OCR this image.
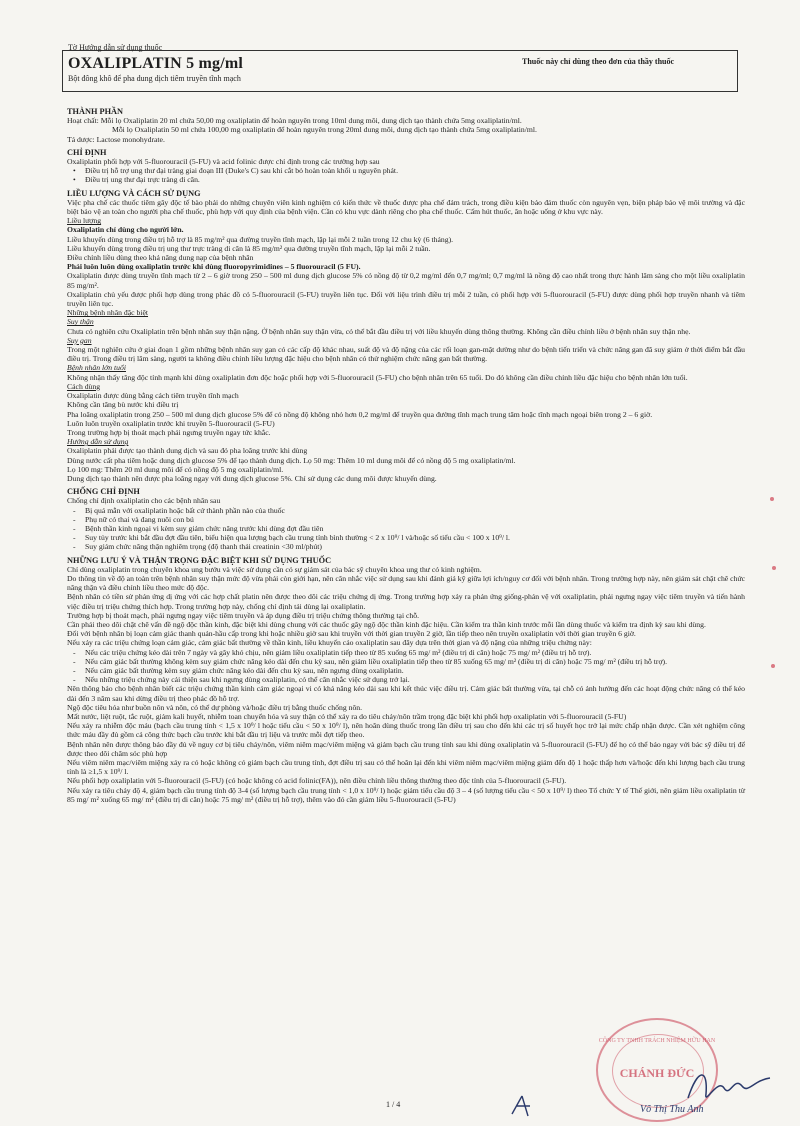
Tờ Hướng dẫn sử dụng thuốc
OXALIPLATIN 5 mg/ml
Bột đông khô để pha dung dịch tiêm truyền tĩnh mạch
Thuốc này chỉ dùng theo đơn của thầy thuốc
THÀNH PHẦN
Hoạt chất: Mỗi lọ Oxaliplatin 20 ml chứa 50,00 mg oxaliplatin để hoàn nguyên trong 10ml dung môi, dung dịch tạo thành chứa 5mg oxaliplatin/ml.
Mỗi lọ Oxaliplatin 50 ml chứa 100,00 mg oxaliplatin để hoàn nguyên trong 20ml dung môi, dung dịch tạo thành chứa 5mg oxaliplatin/ml.
Tá dược: Lactose monohydrate.
CHỈ ĐỊNH
Oxaliplatin phối hợp với 5-fluorouracil (5-FU) và acid folinic được chỉ định trong các trường hợp sau
• Điều trị hỗ trợ ung thư đại tràng giai đoạn III (Duke's C) sau khi cắt bỏ hoàn toàn khối u nguyên phát.
• Điều trị ung thư đại trực tràng di căn.
LIỀU LƯỢNG VÀ CÁCH SỬ DỤNG
Việc pha chế các thuốc tiêm gây độc tế bào phải do những chuyên viên kinh nghiệm có kiến thức về thuốc được pha chế đảm trách, trong điều kiện bảo đảm thuốc còn nguyên vẹn, biện pháp bảo vệ môi trường và đặc biệt bảo vệ an toàn cho người pha chế thuốc, phù hợp với quy định của bệnh viện. Cần có khu vực dành riêng cho pha chế thuốc. Cấm hút thuốc, ăn hoặc uống ở khu vực này.
Liều lượng
Oxaliplatin chỉ dùng cho người lớn.
Liều khuyến dùng trong điều trị hỗ trợ là 85 mg/m² qua đường truyền tĩnh mạch, lặp lại mỗi 2 tuần trong 12 chu kỳ (6 tháng).
Liều khuyến dùng trong điều trị ung thư trực tràng di căn là 85 mg/m² qua đường truyền tĩnh mạch, lặp lại mỗi 2 tuần.
Điều chỉnh liều dùng theo khả năng dung nạp của bệnh nhân
Phải luôn luôn dùng oxaliplatin trước khi dùng fluoropyrimidines – 5 fluorouracil (5 FU).
Oxaliplatin được dùng truyền tĩnh mạch từ 2 – 6 giờ trong 250 – 500 ml dung dịch glucose 5% có nồng độ từ 0,2 mg/ml đến 0,7 mg/ml; 0,7 mg/ml là nồng độ cao nhất trong thực hành lâm sàng cho một liều oxaliplatin 85 mg/m².
Oxaliplatin chủ yếu được phối hợp dùng trong phác đồ có 5-fluorouracil (5-FU) truyền liên tục. Đối với liệu trình điều trị mỗi 2 tuần, có phối hợp với 5-fluorouracil (5-FU) được dùng phối hợp truyền nhanh và tiêm truyền liên tục.
Những bệnh nhân đặc biệt
Suy thận
Chưa có nghiên cứu Oxaliplatin trên bệnh nhân suy thận nặng. Ở bệnh nhân suy thận vừa, có thể bắt đầu điều trị với liều khuyến dùng thông thường. Không cần điều chỉnh liều ở bệnh nhân suy thận nhẹ.
Suy gan
Trong một nghiên cứu ở giai đoạn 1 gồm những bệnh nhân suy gan có các cấp độ khác nhau, suất độ và độ nặng của các rối loạn gan-mật dường như do bệnh tiến triển và chức năng gan đã suy giảm ở thời điểm bắt đầu điều trị. Trong điều trị lâm sàng, người ta không điều chỉnh liều lượng đặc hiệu cho bệnh nhân có thử nghiệm chức năng gan bất thường.
Bệnh nhân lớn tuổi
Không nhận thấy tăng độc tính mạnh khi dùng oxaliplatin đơn độc hoặc phối hợp với 5-fluorouracil (5-FU) cho bệnh nhân trên 65 tuổi. Do đó không cần điều chỉnh liều đặc hiệu cho bệnh nhân lớn tuổi.
Cách dùng
Oxaliplatin được dùng bằng cách tiêm truyền tĩnh mạch
Không cần tăng bù nước khi điều trị
Pha loãng oxaliplatin trong 250 – 500 ml dung dịch glucose 5% để có nồng độ không nhỏ hơn 0,2 mg/ml để truyền qua đường tĩnh mạch trung tâm hoặc tĩnh mạch ngoại biên trong 2 – 6 giờ.
Luôn luôn truyền oxaliplatin trước khi truyền 5-fluorouracil (5-FU)
Trong trường hợp bị thoát mạch phải ngưng truyền ngay tức khắc.
Hướng dẫn sử dụng
Oxaliplatin phải được tạo thành dung dịch và sau đó pha loãng trước khi dùng
Dùng nước cất pha tiêm hoặc dung dịch glucose 5% để tạo thành dung dịch. Lọ 50 mg: Thêm 10 ml dung môi để có nồng độ 5 mg oxaliplatin/ml.
Lọ 100 mg: Thêm 20 ml dung môi để có nồng độ 5 mg oxaliplatin/ml.
Dung dịch tạo thành nên được pha loãng ngay với dung dịch glucose 5%. Chỉ sử dụng các dung môi được khuyến dùng.
CHỐNG CHỈ ĐỊNH
Chống chỉ định oxaliplatin cho các bệnh nhân sau
- Bị quá mẫn với oxaliplatin hoặc bất cứ thành phần nào của thuốc
- Phụ nữ có thai và đang nuôi con bú
- Bệnh thần kinh ngoại vi kèm suy giảm chức năng trước khi dùng đợt đầu tiên
- Suy tủy trước khi bắt đầu đợt đầu tiên, biểu hiện qua lượng bạch cầu trung tính bình thường < 2 x 10⁹/ l và/hoặc số tiểu cầu < 100 x 10⁹/ l.
- Suy giảm chức năng thận nghiêm trọng (độ thanh thải creatinin <30 ml/phút)
NHỮNG LƯU Ý VÀ THẬN TRỌNG ĐẶC BIỆT KHI SỬ DỤNG THUỐC
Chỉ dùng oxaliplatin trong chuyên khoa ung bướu và việc sử dụng cần có sự giám sát của bác sỹ chuyên khoa ung thư có kinh nghiệm.
Do thông tin về độ an toàn trên bệnh nhân suy thận mức độ vừa phải còn giới hạn, nên cân nhắc việc sử dụng sau khi đánh giá kỹ giữa lợi ích/nguy cơ đối với bệnh nhân. Trong trường hợp này, nên giám sát chặt chẽ chức năng thận và điều chỉnh liều theo mức độ độc.
Bệnh nhân có tiền sử phản ứng dị ứng với các hợp chất platin nên được theo dõi các triệu chứng dị ứng. Trong trường hợp xảy ra phản ứng giống-phản vệ với oxaliplatin, phải ngưng ngay việc tiêm truyền và tiến hành việc điều trị triệu chứng thích hợp. Trong trường hợp này, chống chỉ định tái dùng lại oxaliplatin.
Trường hợp bị thoát mạch, phải ngưng ngay việc tiêm truyền và áp dụng điều trị triệu chứng thông thường tại chỗ.
Cần phải theo dõi chặt chẽ vấn đề ngộ độc thần kinh, đặc biệt khi dùng chung với các thuốc gây ngộ độc thần kinh đặc hiệu. Cần kiểm tra thần kinh trước mỗi lần dùng thuốc và kiểm tra định kỳ sau khi dùng.
Đối với bệnh nhân bị loạn cảm giác thanh quản-hầu cấp trong khi hoặc nhiều giờ sau khi truyền với thời gian truyền 2 giờ, lần tiếp theo nên truyền oxaliplatin với thời gian truyền 6 giờ.
Nếu xảy ra các triệu chứng loạn cảm giác, cảm giác bất thường về thần kinh, liều khuyến cáo oxaliplatin sau đây dựa trên thời gian và độ nặng của những triệu chứng này:
- Nếu các triệu chứng kéo dài trên 7 ngày và gây khó chịu, nên giảm liều oxaliplatin tiếp theo từ 85 xuống 65 mg/ m² (điều trị di căn) hoặc 75 mg/ m² (điều trị hỗ trợ).
- Nếu cảm giác bất thường không kèm suy giảm chức năng kéo dài đến chu kỳ sau, nên giảm liều oxaliplatin tiếp theo từ 85 xuống 65 mg/ m² (điều trị di căn) hoặc 75 mg/ m² (điều trị hỗ trợ).
- Nếu cảm giác bất thường kèm suy giảm chức năng kéo dài đến chu kỳ sau, nên ngưng dùng oxaliplatin.
- Nếu những triệu chứng này cải thiện sau khi ngưng dùng oxaliplatin, có thể cân nhắc việc sử dụng trở lại.
Nên thông báo cho bệnh nhân biết các triệu chứng thần kinh cảm giác ngoại vi có khả năng kéo dài sau khi kết thúc việc điều trị. Cảm giác bất thường vừa, tại chỗ có ảnh hưởng đến các hoạt động chức năng có thể kéo dài đến 3 năm sau khi dừng điều trị theo phác đồ hỗ trợ.
Ngộ độc tiêu hóa như buồn nôn và nôn, có thể dự phòng và/hoặc điều trị bằng thuốc chống nôn.
Mất nước, liệt ruột, tắc ruột, giảm kali huyết, nhiễm toan chuyển hóa và suy thận có thể xảy ra do tiêu chảy/nôn trầm trọng đặc biệt khi phối hợp oxaliplatin với 5-fluorouracil (5-FU)
Nếu xảy ra nhiễm độc máu (bạch cầu trung tính < 1,5 x 10⁹/ l hoặc tiểu cầu < 50 x 10⁹/ l), nên hoãn dùng thuốc trong lần điều trị sau cho đến khi các trị số huyết học trở lại mức chấp nhận được. Cần xét nghiệm công thức máu đầy đủ gồm cả công thức bạch cầu trước khi bắt đầu trị liệu và trước mỗi đợt tiếp theo.
Bệnh nhân nên được thông báo đầy đủ về nguy cơ bị tiêu chảy/nôn, viêm niêm mạc/viêm miệng và giảm bạch cầu trung tính sau khi dùng oxaliplatin và 5-fluorouracil (5-FU) để họ có thể báo ngay với bác sỹ điều trị để được theo dõi chăm sóc phù hợp
Nếu viêm niêm mạc/viêm miệng xảy ra có hoặc không có giảm bạch cầu trung tính, đợt điều trị sau có thể hoãn lại đến khi viêm niêm mạc/viêm miệng giảm đến độ 1 hoặc thấp hơn và/hoặc đến khi lượng bạch cầu trung tính là ≥1,5 x 10⁹/ l.
Nếu phối hợp oxaliplatin với 5-fluorouracil (5-FU) (có hoặc không có acid folinic(FA)), nên điều chỉnh liều thông thường theo độc tính của 5-fluorouracil (5-FU).
Nếu xảy ra tiêu chảy độ 4, giảm bạch cầu trung tính độ 3-4 (số lượng bạch cầu trung tính < 1,0 x 10⁹/ l) hoặc giảm tiểu cầu độ 3 – 4 (số lượng tiểu cầu < 50 x 10⁹/ l) theo Tổ chức Y tế Thế giới, nên giảm liều oxaliplatin từ 85 mg/ m² xuống 65 mg/ m² (điều trị di căn) hoặc 75 mg/ m² (điều trị hỗ trợ), thêm vào đó cần giảm liều 5-fluorouracil (5-FU)
CÔNG TY TNHH TRÁCH NHIỆM HỮU HẠN
CHÁNH ĐỨC
Võ Thị Thu Anh
1 / 4
